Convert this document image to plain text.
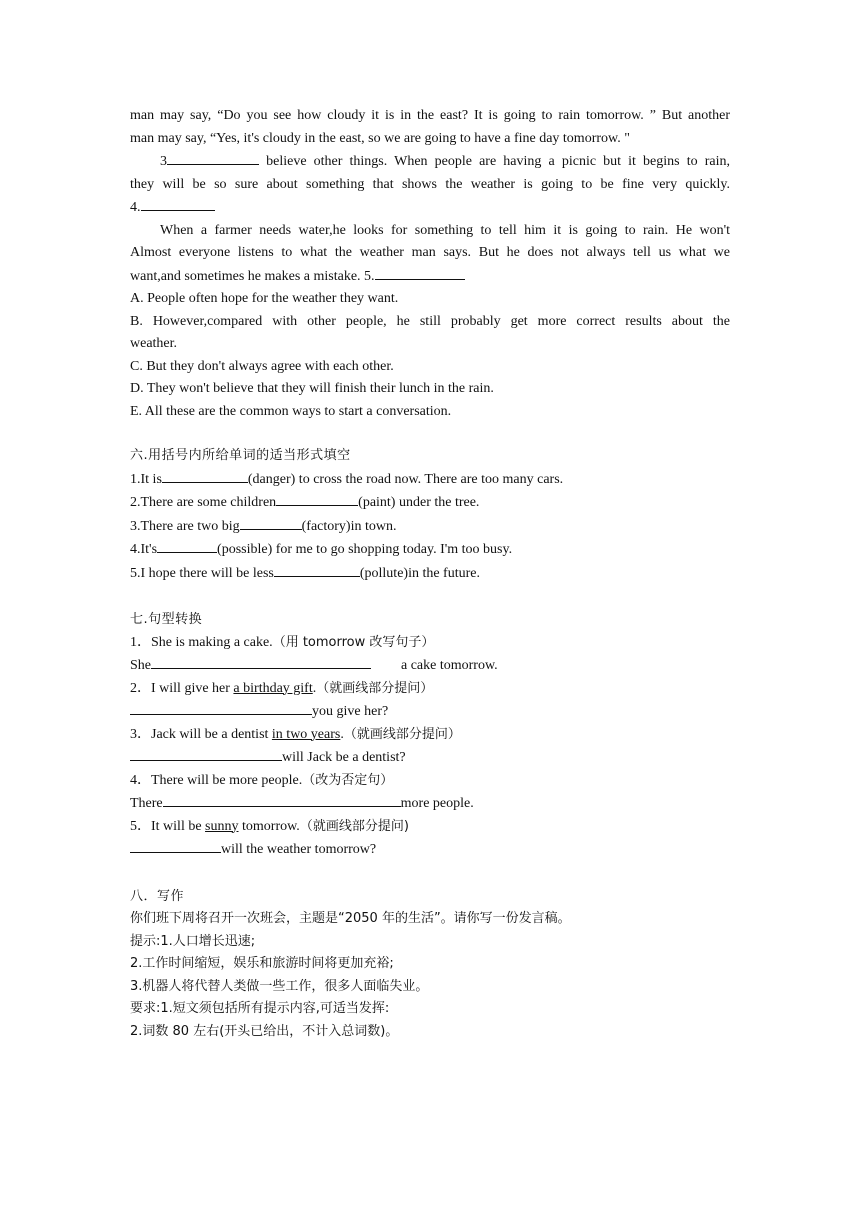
man may say, “Do you see how cloudy it is in the east? It is going to rain tomorrow. ” But another

man may say, “Yes, it's cloudy in the east, so we are going to have a fine day tomorrow. "

3	believe other things. When people are having a picnic but it begins to rain,

they will be so sure about something that shows the weather is going to be fine very quickly.

4.

When a farmer needs water,he looks for something to tell him it is going to rain. He won't

Almost everyone listens to what the weather man says. But he does not always tell us what we

want,and sometimes he makes a mistake. 5.

A. People often hope for the weather they want.

B. However,compared with other people, he still probably get more correct results about the

weather.

C. But they don't always agree with each other.

D. They won't believe that they will finish their lunch in the rain.

E. All these are the common ways to start a conversation.

六.用括号内所给单词的适当形式填空

1.It is	(danger) to cross the road now. There are too many cars.

2.There are some children	(paint) under the tree.

3.There are two big	(factory)in town.

4.It's	(possible) for me to go shopping today. I'm too busy.

5.I hope there will be less	(pollute)in the future.

七.句型转换

1．She is making a cake.（用 tomorrow 改写句子）

She	a cake tomorrow.

2．I will give her a birthday gift.（就画线部分提问）

you give her?

3．Jack will be a dentist in two years.（就画线部分提问）

will Jack be a dentist?

4．There will be more people.（改为否定句）

There	more people.

5．It will be sunny tomorrow.（就画线部分提问)

will the weather tomorrow?

八．写作

你们班下周将召开一次班会，主题是“2050 年的生活”。请你写一份发言稿。

提示:1.人口增长迅速;

2.工作时间缩短，娱乐和旅游时间将更加充裕;

3.机器人将代替人类做一些工作，很多人面临失业。

要求:1.短文须包括所有提示内容,可适当发挥:

2.词数 80 左右(开头已给出，不计入总词数)。
